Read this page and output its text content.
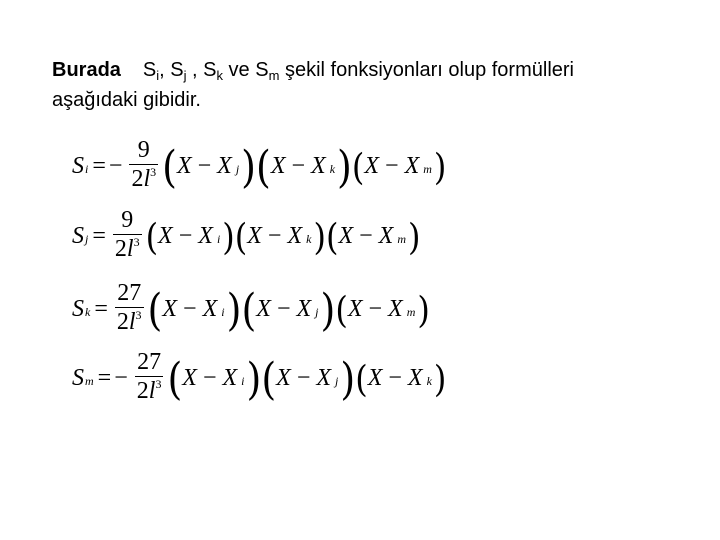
Burada $S_i$, $S_j$ , $S_k$ ve $S_m$ şekil fonksiyonları olup formülleri
aşağıdaki gibidir.
S i = − $\frac{9}{2l^3}$ ( X − X j ) ( X − X k ) ( X − X m )
S $j = \frac{9}{2l^3}$ ( X − X i ) ( X − X k ) ( X − X m )
S $k = \frac{27}{2l^3}$ ( X − X i ) ( X − X j ) ( X − X m )
S m = − $\frac{27}{2l^3}$ ( X − X i ) ( X − X j ) ( X − X k )
